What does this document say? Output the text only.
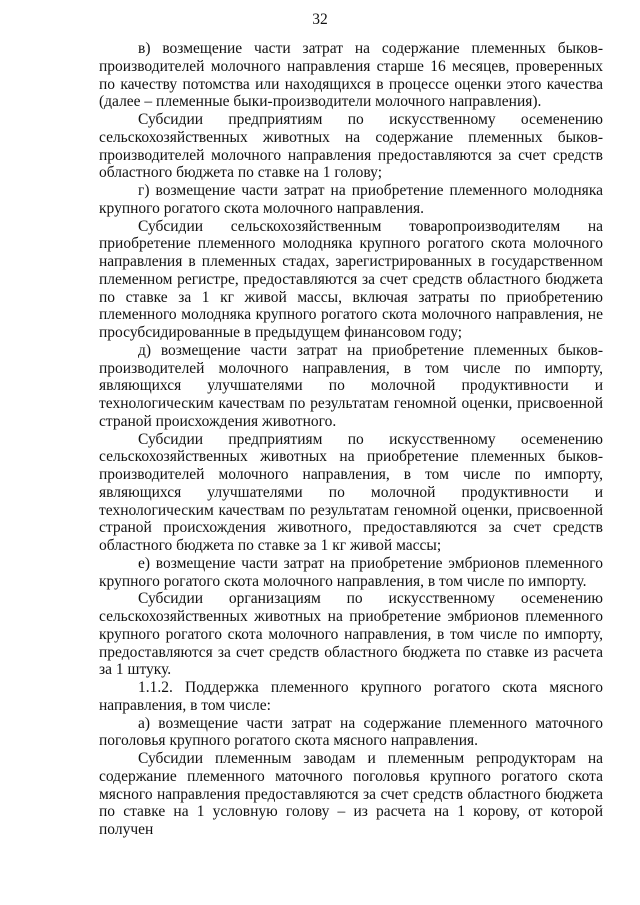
32

в) возмещение части затрат на содержание племенных быков-производителей молочного направления старше 16 месяцев, проверенных по качеству потомства или находящихся в процессе оценки этого качества (далее – племенные быки-производители молочного направления).

Субсидии предприятиям по искусственному осеменению сельскохозяйственных животных на содержание племенных быков-производителей молочного направления предоставляются за счет средств областного бюджета по ставке на 1 голову;

г) возмещение части затрат на приобретение племенного молодняка крупного рогатого скота молочного направления.

Субсидии сельскохозяйственным товаропроизводителям на приобретение племенного молодняка крупного рогатого скота молочного направления в племенных стадах, зарегистрированных в государственном племенном регистре, предоставляются за счет средств областного бюджета по ставке за 1 кг живой массы, включая затраты по приобретению племенного молодняка крупного рогатого скота молочного направления, не просубсидированные в предыдущем финансовом году;

д) возмещение части затрат на приобретение племенных быков-производителей молочного направления, в том числе по импорту, являющихся улучшателями по молочной продуктивности и технологическим качествам по результатам геномной оценки, присвоенной страной происхождения животного.

Субсидии предприятиям по искусственному осеменению сельскохозяйственных животных на приобретение племенных быков-производителей молочного направления, в том числе по импорту, являющихся улучшателями по молочной продуктивности и технологическим качествам по результатам геномной оценки, присвоенной страной происхождения животного, предоставляются за счет средств областного бюджета по ставке за 1 кг живой массы;

е) возмещение части затрат на приобретение эмбрионов племенного крупного рогатого скота молочного направления, в том числе по импорту.

Субсидии организациям по искусственному осеменению сельскохозяйственных животных на приобретение эмбрионов племенного крупного рогатого скота молочного направления, в том числе по импорту, предоставляются за счет средств областного бюджета по ставке из расчета за 1 штуку.

1.1.2. Поддержка племенного крупного рогатого скота мясного направления, в том числе:

а) возмещение части затрат на содержание племенного маточного поголовья крупного рогатого скота мясного направления.

Субсидии племенным заводам и племенным репродукторам на содержание племенного маточного поголовья крупного рогатого скота мясного направления предоставляются за счет средств областного бюджета по ставке на 1 условную голову – из расчета на 1 корову, от которой получен
